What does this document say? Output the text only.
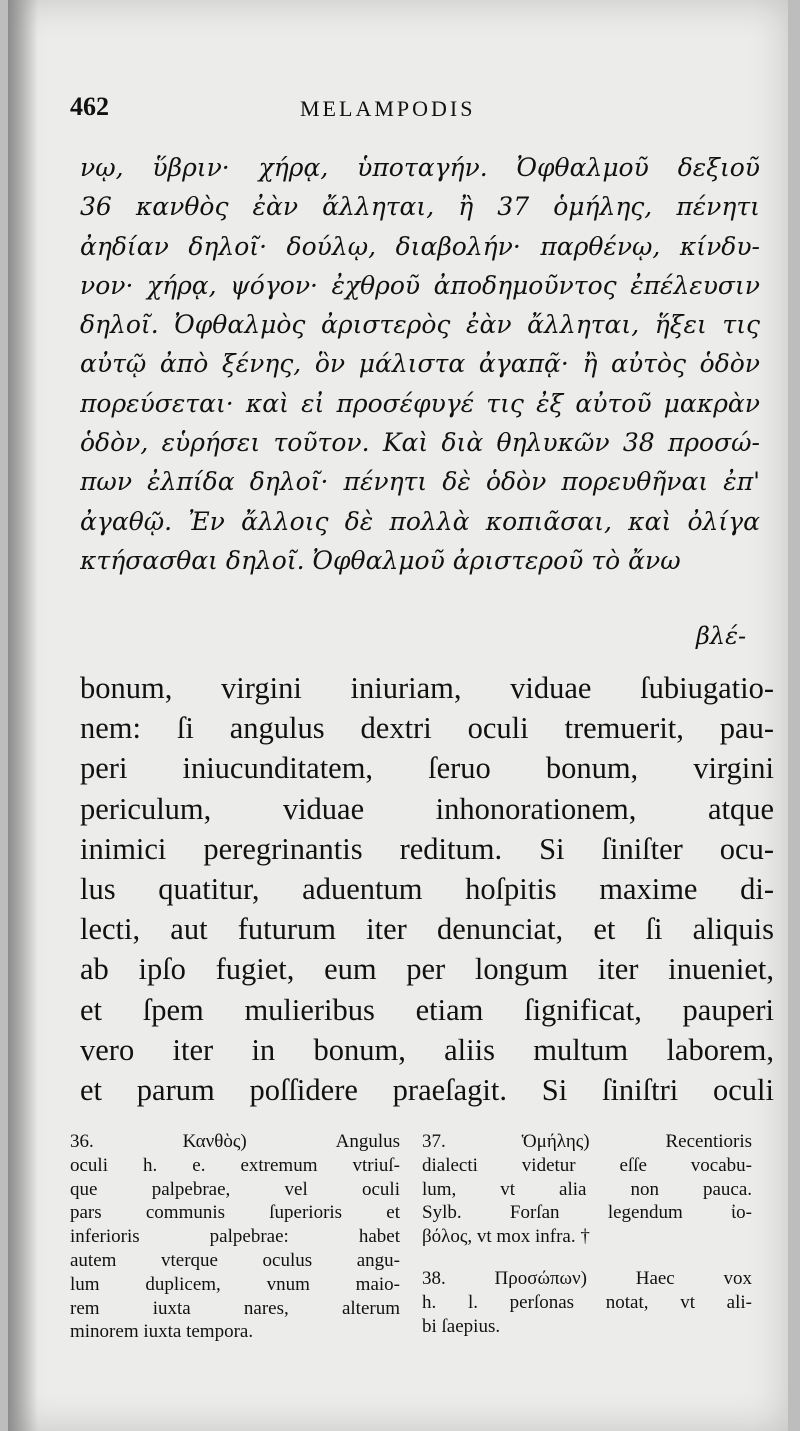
462	MELAMPODIS
νῳ, ὕβριν· χήρᾳ, ὑποταγήν. Ὀφθαλμοῦ δεξιοῦ
36 κανθὸς ἐὰν ἄλληται, ἢ 37 ὁμήλης, πένητι
ἀηδίαν δηλοῖ· δούλῳ, διαβολήν· παρθένῳ, κίνδυ-
νον· χήρᾳ, ψόγον· ἐχθροῦ ἀποδημοῦντος ἐπέλευσιν
δηλοῖ. Ὀφθαλμὸς ἀριστερὸς ἐὰν ἄλληται, ἥξει τις
αὐτῷ ἀπὸ ξένης, ὃν μάλιστα ἀγαπᾷ· ἢ αὐτὸς ὁδὸν
πορεύσεται· καὶ εἰ προσέφυγέ τις ἐξ αὐτοῦ μακρὰν
ὁδὸν, εὑρήσει τοῦτον. Καὶ διὰ θηλυκῶν 38 προσώ-
πων ἐλπίδα δηλοῖ· πένητι δὲ ὁδὸν πορευθῆναι ἐπ'
ἀγαθῷ. Ἐν ἄλλοις δὲ πολλὰ κοπιᾶσαι, καὶ ὀλίγα
κτήσασθαι δηλοῖ. Ὀφθαλμοῦ ἀριστεροῦ τὸ ἄνω
βλέ-
bonum, virgini iniuriam, viduae ſubiugatio-
nem: ſi angulus dextri oculi tremuerit, pau-
peri iniucunditatem, ſeruo bonum, virgini
periculum, viduae inhonorationem, atque
inimici peregrinantis reditum. Si ſiniſter ocu-
lus quatitur, aduentum hoſpitis maxime di-
lecti, aut futurum iter denunciat, et ſi aliquis
ab ipſo fugiet, eum per longum iter inueniet,
et ſpem mulieribus etiam ſignificat, pauperi
vero iter in bonum, aliis multum laborem,
et parum poſſidere praeſagit. Si ſiniſtri oculi
36. Κανθὸς) Angulus
oculi h. e. extremum vtriuſ-
que palpebrae, vel oculi
pars communis ſuperioris et
inferioris palpebrae: habet
autem vterque oculus angu-
lum duplicem, vnum maio-
rem iuxta nares, alterum
minorem iuxta tempora.
37. Ὁμήλης) Recentioris
dialecti videtur eſſe vocabu-
lum, vt alia non pauca.
Sylb. Forſan legendum ἰο-
βόλος, vt mox infra. †
38. Προσώπων) Haec vox
h. l. perſonas notat, vt ali-
bi ſaepius.
